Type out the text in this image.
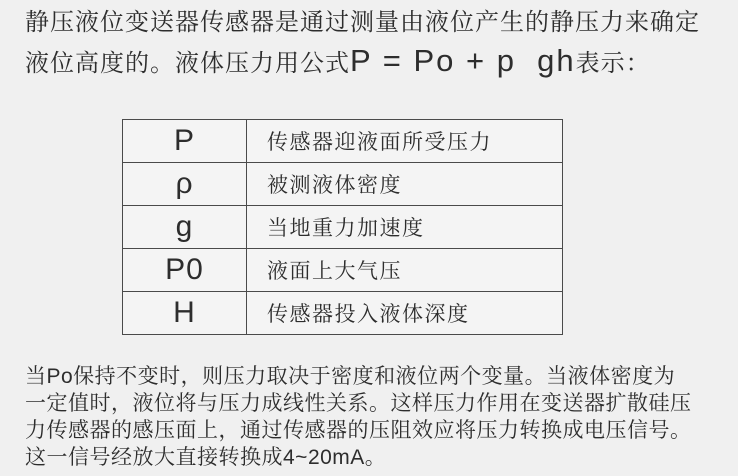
静压液位变送器传感器是通过测量由液位产生的静压力来确定
液位高度的。液体压力用公式P = Po + p  gh表示：
P	传感器迎液面所受压力
ρ	被测液体密度
g	当地重力加速度
P0	液面上大气压
H	传感器投入液体深度
当Po保持不变时，则压力取决于密度和液位两个变量。当液体密度为
一定值时，液位将与压力成线性关系。这样压力作用在变送器扩散硅压
力传感器的感压面上，通过传感器的压阻效应将压力转换成电压信号。
这一信号经放大直接转换成4~20mA。
